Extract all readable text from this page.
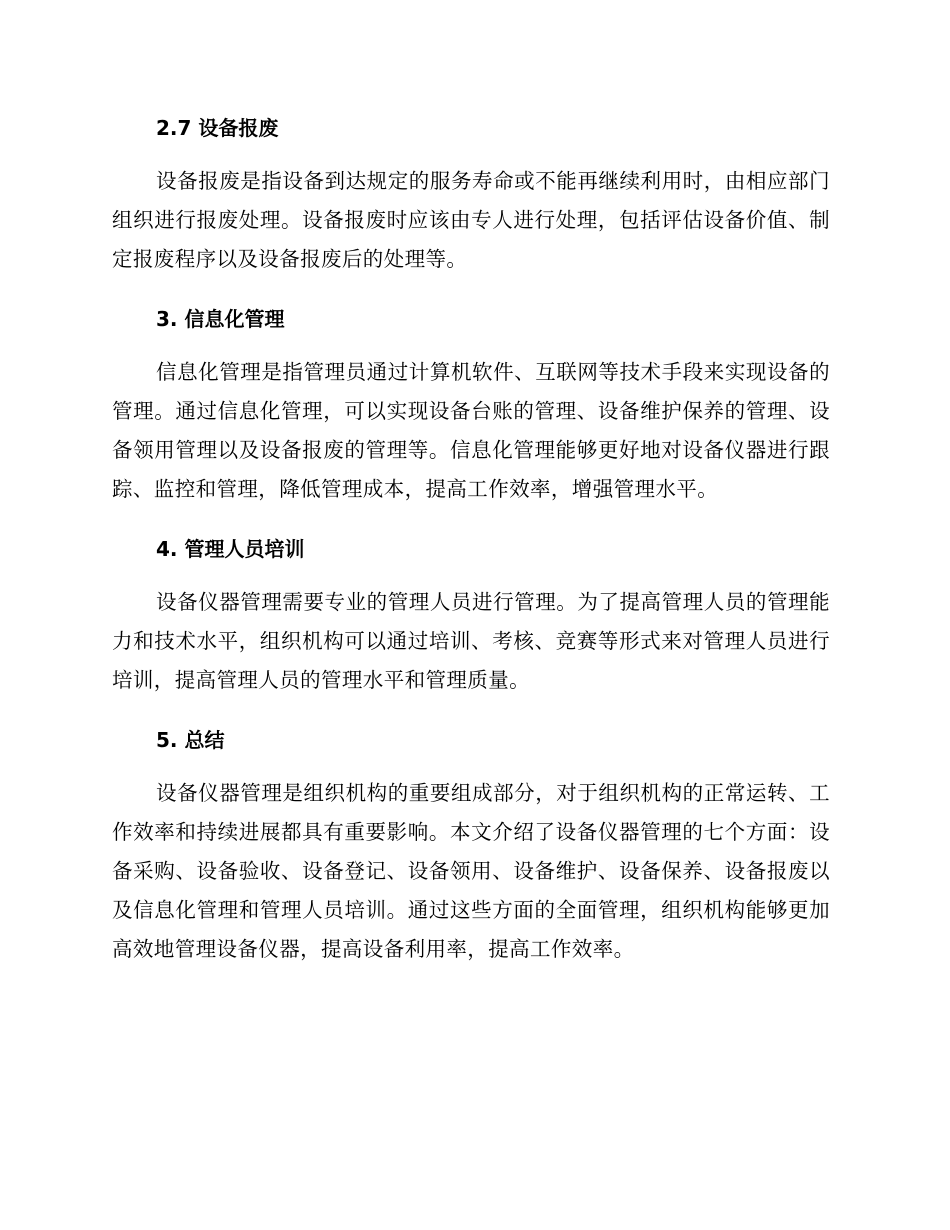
2.7 设备报废

设备报废是指设备到达规定的服务寿命或不能再继续利用时，由相应部门组织进行报废处理。设备报废时应该由专人进行处理，包括评估设备价值、制定报废程序以及设备报废后的处理等。

3. 信息化管理

信息化管理是指管理员通过计算机软件、互联网等技术手段来实现设备的管理。通过信息化管理，可以实现设备台账的管理、设备维护保养的管理、设备领用管理以及设备报废的管理等。信息化管理能够更好地对设备仪器进行跟踪、监控和管理，降低管理成本，提高工作效率，增强管理水平。

4. 管理人员培训

设备仪器管理需要专业的管理人员进行管理。为了提高管理人员的管理能力和技术水平，组织机构可以通过培训、考核、竞赛等形式来对管理人员进行培训，提高管理人员的管理水平和管理质量。

5. 总结

设备仪器管理是组织机构的重要组成部分，对于组织机构的正常运转、工作效率和持续进展都具有重要影响。本文介绍了设备仪器管理的七个方面：设备采购、设备验收、设备登记、设备领用、设备维护、设备保养、设备报废以及信息化管理和管理人员培训。通过这些方面的全面管理，组织机构能够更加高效地管理设备仪器，提高设备利用率，提高工作效率。
